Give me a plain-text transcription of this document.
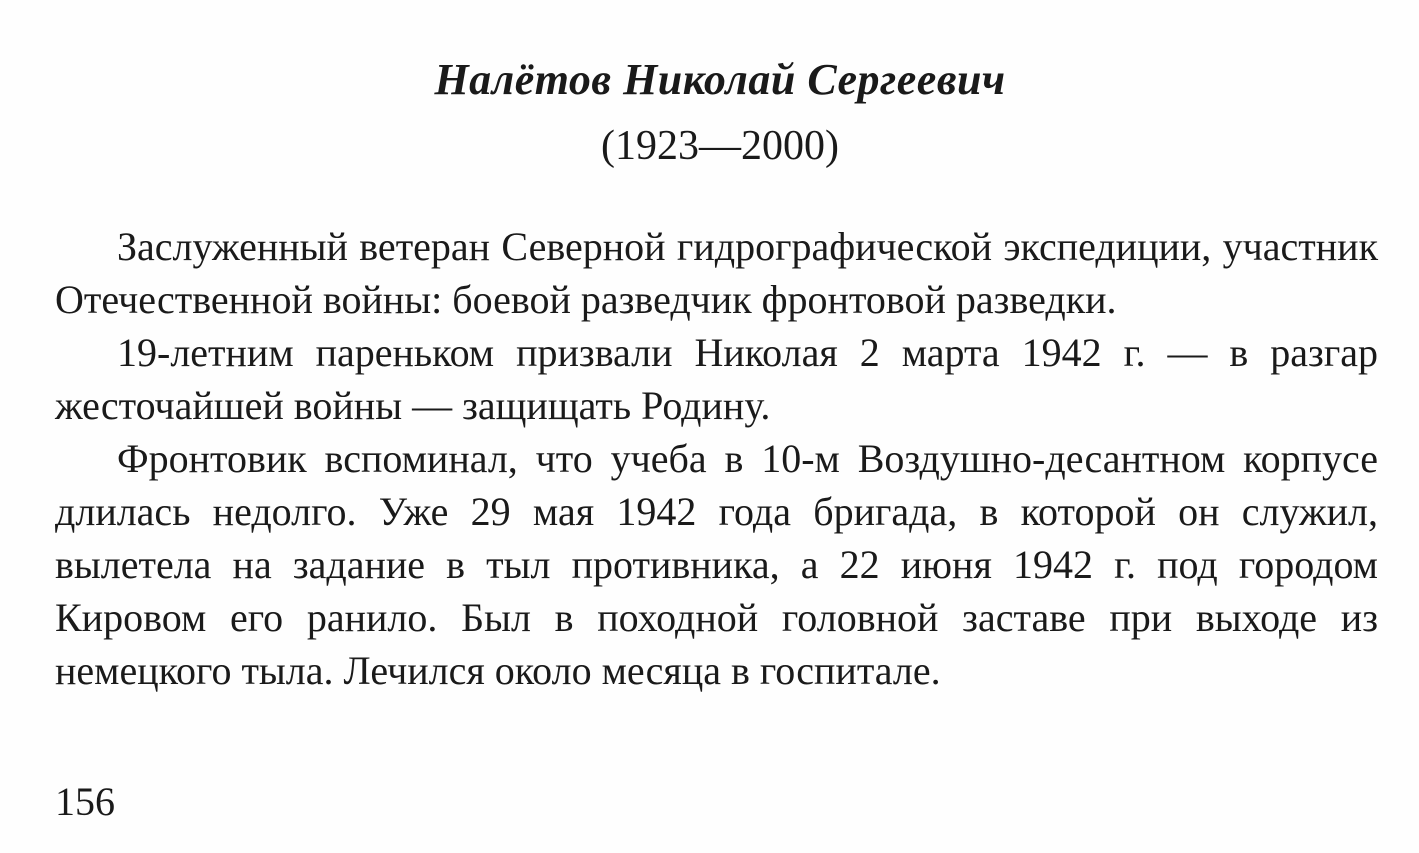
Налётов Николай Сергеевич
(1923—2000)

Заслуженный ветеран Северной гидрографической экспедиции, участник Отечественной войны: боевой разведчик фронтовой разведки.

19-летним пареньком призвали Николая 2 марта 1942 г. — в разгар жесточайшей войны — защищать Родину.

Фронтовик вспоминал, что учеба в 10-м Воздушно-десантном корпусе длилась недолго. Уже 29 мая 1942 года бригада, в которой он служил, вылетела на задание в тыл противника, а 22 июня 1942 г. под городом Кировом его ранило. Был в походной головной заставе при выходе из немецкого тыла. Лечился около месяца в госпитале.

156
